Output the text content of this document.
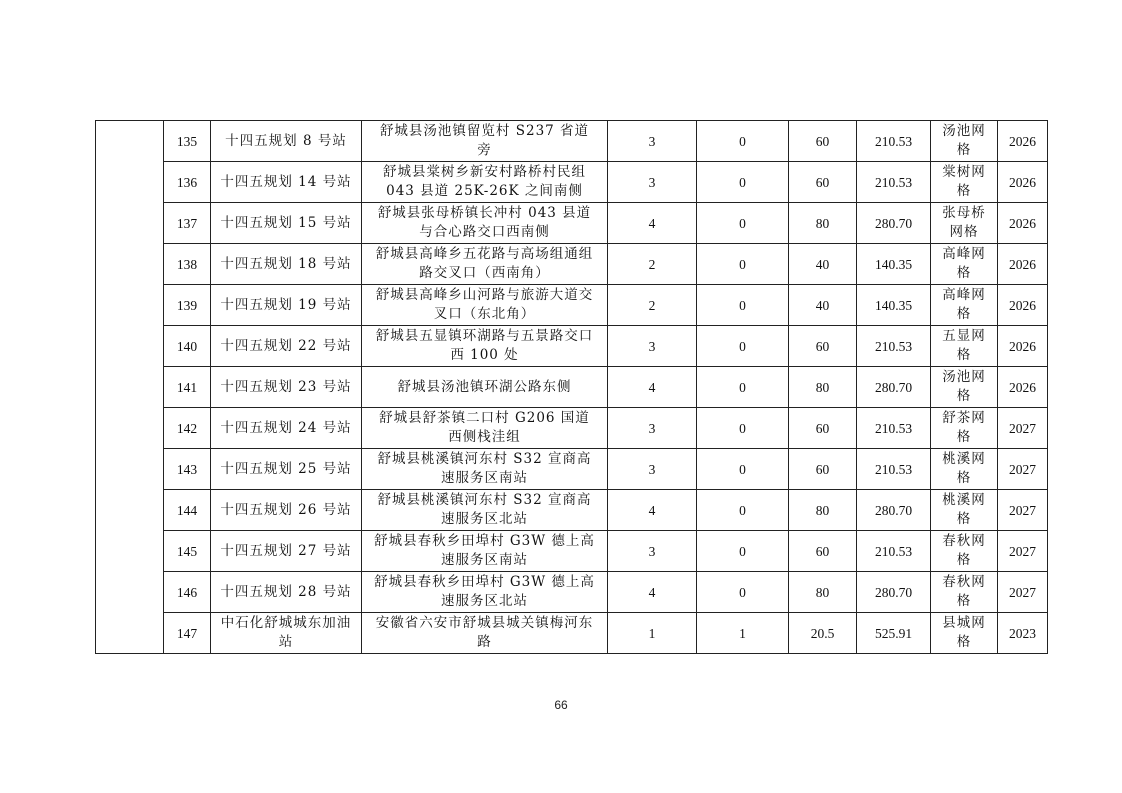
	135	十四五规划 8 号站	舒城县汤池镇留览村 S237 省道旁	3	0	60	210.53	汤池网格	2026
	136	十四五规划 14 号站	舒城县棠树乡新安村路桥村民组 043 县道 25K-26K 之间南侧	3	0	60	210.53	棠树网格	2026
	137	十四五规划 15 号站	舒城县张母桥镇长冲村 043 县道与合心路交口西南侧	4	0	80	280.70	张母桥网格	2026
	138	十四五规划 18 号站	舒城县高峰乡五花路与高场组通组路交叉口（西南角）	2	0	40	140.35	高峰网格	2026
	139	十四五规划 19 号站	舒城县高峰乡山河路与旅游大道交叉口（东北角）	2	0	40	140.35	高峰网格	2026
	140	十四五规划 22 号站	舒城县五显镇环湖路与五景路交口西 100 处	3	0	60	210.53	五显网格	2026
	141	十四五规划 23 号站	舒城县汤池镇环湖公路东侧	4	0	80	280.70	汤池网格	2026
	142	十四五规划 24 号站	舒城县舒茶镇二口村 G206 国道西侧栈洼组	3	0	60	210.53	舒茶网格	2027
	143	十四五规划 25 号站	舒城县桃溪镇河东村 S32 宣商高速服务区南站	3	0	60	210.53	桃溪网格	2027
	144	十四五规划 26 号站	舒城县桃溪镇河东村 S32 宣商高速服务区北站	4	0	80	280.70	桃溪网格	2027
	145	十四五规划 27 号站	舒城县春秋乡田埠村 G3W 德上高速服务区南站	3	0	60	210.53	春秋网格	2027
	146	十四五规划 28 号站	舒城县春秋乡田埠村 G3W 德上高速服务区北站	4	0	80	280.70	春秋网格	2027
	147	中石化舒城城东加油站	安徽省六安市舒城县城关镇梅河东路	1	1	20.5	525.91	县城网格	2023
66
